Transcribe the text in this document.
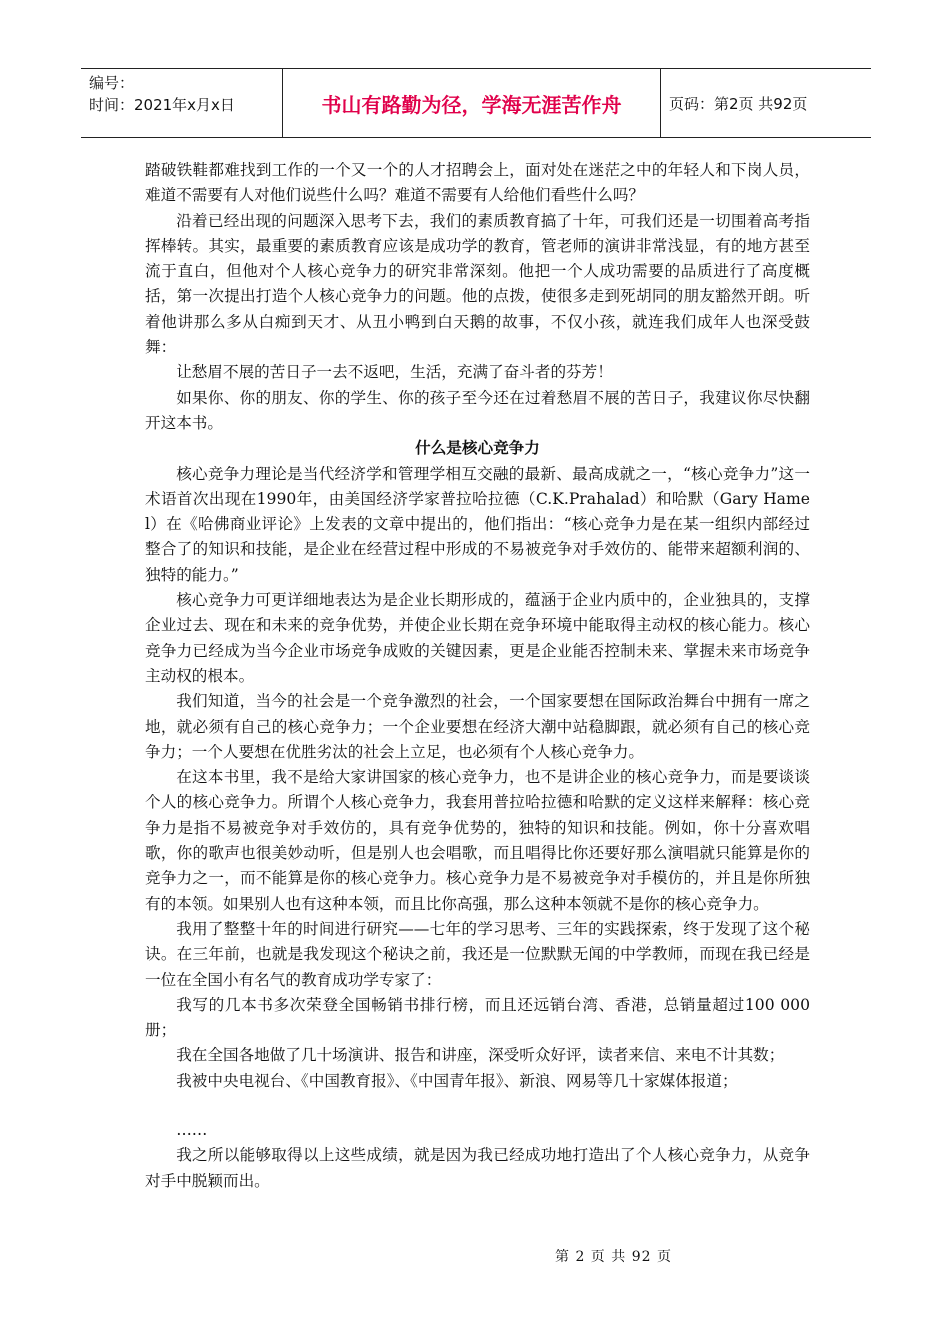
编号：
时间：2021年x月x日	书山有路勤为径，学海无涯苦作舟	页码：第2页 共92页

踏破铁鞋都难找到工作的一个又一个的人才招聘会上，面对处在迷茫之中的年轻人和下岗人员，难道不需要有人对他们说些什么吗？难道不需要有人给他们看些什么吗？

沿着已经出现的问题深入思考下去，我们的素质教育搞了十年，可我们还是一切围着高考指挥棒转。其实，最重要的素质教育应该是成功学的教育，管老师的演讲非常浅显，有的地方甚至流于直白，但他对个人核心竞争力的研究非常深刻。他把一个人成功需要的品质进行了高度概括，第一次提出打造个人核心竞争力的问题。他的点拨，使很多走到死胡同的朋友豁然开朗。听着他讲那么多从白痴到天才、从丑小鸭到白天鹅的故事，不仅小孩，就连我们成年人也深受鼓舞：

让愁眉不展的苦日子一去不返吧，生活，充满了奋斗者的芬芳！

如果你、你的朋友、你的学生、你的孩子至今还在过着愁眉不展的苦日子，我建议你尽快翻开这本书。

什么是核心竞争力

核心竞争力理论是当代经济学和管理学相互交融的最新、最高成就之一，“核心竞争力”这一术语首次出现在1990年，由美国经济学家普拉哈拉德（C.K.Prahalad）和哈默（Gary Hamel）在《哈佛商业评论》上发表的文章中提出的，他们指出：“核心竞争力是在某一组织内部经过整合了的知识和技能，是企业在经营过程中形成的不易被竞争对手效仿的、能带来超额利润的、独特的能力。”

核心竞争力可更详细地表达为是企业长期形成的，蕴涵于企业内质中的，企业独具的，支撑企业过去、现在和未来的竞争优势，并使企业长期在竞争环境中能取得主动权的核心能力。核心竞争力已经成为当今企业市场竞争成败的关键因素，更是企业能否控制未来、掌握未来市场竞争主动权的根本。

我们知道，当今的社会是一个竞争激烈的社会，一个国家要想在国际政治舞台中拥有一席之地，就必须有自己的核心竞争力；一个企业要想在经济大潮中站稳脚跟，就必须有自己的核心竞争力；一个人要想在优胜劣汰的社会上立足，也必须有个人核心竞争力。

在这本书里，我不是给大家讲国家的核心竞争力，也不是讲企业的核心竞争力，而是要谈谈个人的核心竞争力。所谓个人核心竞争力，我套用普拉哈拉德和哈默的定义这样来解释：核心竞争力是指不易被竞争对手效仿的，具有竞争优势的，独特的知识和技能。例如，你十分喜欢唱歌，你的歌声也很美妙动听，但是别人也会唱歌，而且唱得比你还要好那么演唱就只能算是你的竞争力之一，而不能算是你的核心竞争力。核心竞争力是不易被竞争对手模仿的，并且是你所独有的本领。如果别人也有这种本领，而且比你高强，那么这种本领就不是你的核心竞争力。

我用了整整十年的时间进行研究——七年的学习思考、三年的实践探索，终于发现了这个秘诀。在三年前，也就是我发现这个秘诀之前，我还是一位默默无闻的中学教师，而现在我已经是一位在全国小有名气的教育成功学专家了：

我写的几本书多次荣登全国畅销书排行榜，而且还远销台湾、香港，总销量超过100 000册；

我在全国各地做了几十场演讲、报告和讲座，深受听众好评，读者来信、来电不计其数；

我被中央电视台、《中国教育报》、《中国青年报》、新浪、网易等几十家媒体报道；

……

我之所以能够取得以上这些成绩，就是因为我已经成功地打造出了个人核心竞争力，从竞争对手中脱颖而出。

第 2 页 共 92 页
